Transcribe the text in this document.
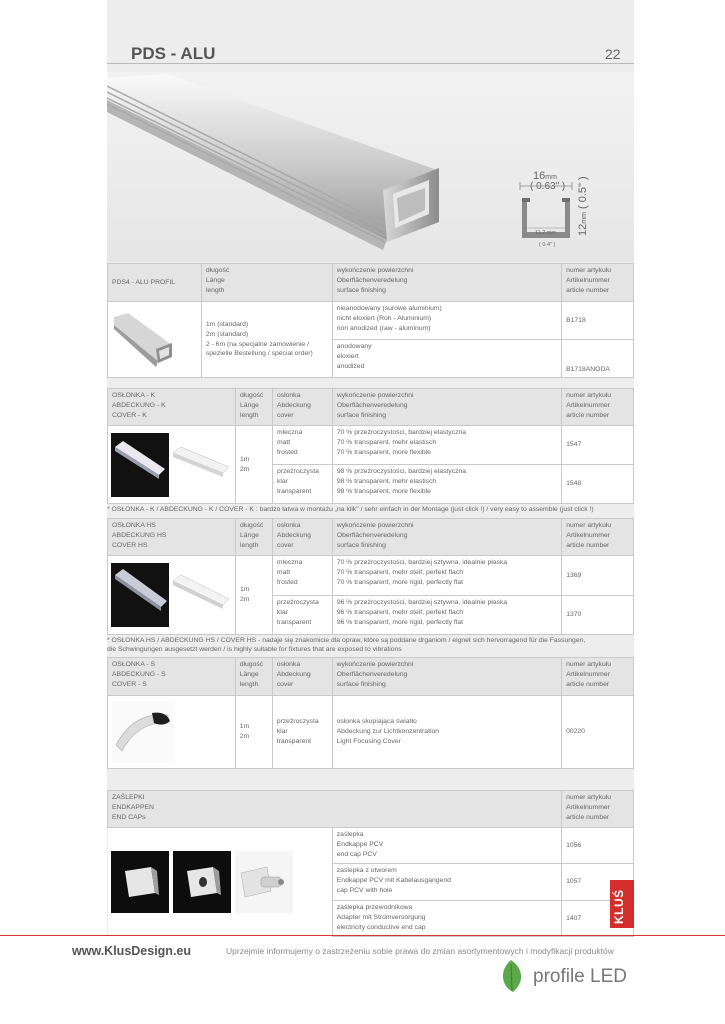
PDS - ALU	22
16mm
( 0.63" )
11,2 mm
( 0.4" )
12mm ( 0.5" )
PDS4 - ALU PROFIL	długość
Länge
length	wykończenie powierzchni
Oberflächenveredelung
surface finishing	numer artykułu
Artikelnummer
article number

1m (standard)
2m (standard)
2 - 6m (na specjalne zamówienie /
spezielle Bestellung / special order)	nieanodowany (surowe aluminium)
nicht eloxiert (Roh - Aluminium)
non anodized (raw - aluminum)	B1718

		anodowany
eloxiert
anodized	B1718ANODA
OSŁONKA - K
ABDECKUNG - K
COVER - K	długość
Länge
length	osłonka
Abdeckung
cover	wykończenie powierzchni
Oberflächenveredelung
surface finishing	numer artykułu
Artikelnummer
article number

1m
2m	mleczna
matt
frosted	70 % przeźroczystości, bardziej elastyczna
70 % transparent, mehr elastisch
70 % transparent, more flexible	1547

		przeźroczysta
klar
transparent	98 % przeźroczystości, bardziej elastyczna
98 % transparent, mehr elastisch
98 % transparent, more flexible	1548
* OSŁONKA - K / ABDECKUNG - K / COVER - K : bardzo łatwa w montażu „na klik" / sehr einfach in der Montage (just click !) / very easy to assemble (just click !)
OSŁONKA HS
ABDECKUNG HS
COVER HS	długość
Länge
length	osłonka
Abdeckung
cover	wykończenie powierzchni
Oberflächenveredelung
surface finishing	numer artykułu
Artikelnummer
article number

1m
2m	mleczna
matt
frosted	70 % przeźroczystości, bardziej sztywna, idealnie płaska
70 % transparent, mehr steif, perfekt flach
70 % transparent, more rigid, perfectly flat	1369

		przeźroczysta
klar
transparent	96 % przeźroczystości, bardziej sztywna, idealnie płaska
96 % transparent, mehr steif, perfekt flach
96 % transparent, more rigid, perfectly flat	1370
* OSŁONKA HS / ABDECKUNG HS / COVER HS - nadaje się znakomicie dla opraw, które są poddane drganiom / eignet sich hervorragend für die Fassungen,
die Schwingungen ausgesetzt werden / is highly suitable for fixtures that are exposed to vibrations
OSŁONKA - S
ABDECKUNG - S
COVER - S	długość
Länge
length	osłonka
Abdeckung
cover	wykończenie powierzchni
Oberflächenveredelung
surface finishing	numer artykułu
Artikelnummer
article number

1m
2m	przeźroczysta
klar
transparent	osłonka skupiająca światło
Abdeckung zur Lichtkonzentration
Light Focusing Cover	00220
ZAŚLEPKI
ENDKAPPEN
END CAPs		numer artykułu
Artikelnummer
article number

zaślepka
Endkappe PCV
end cap PCV	1056

	zaślepka z otworem
Endkappe PCV mit Kabelausgangend
cap PCV with hole	1057

	zaślepka przewodnikowa
Adapter mit Stromversorgung
electricity conductive end cap	1407	KLUŚ
www.KlusDesign.eu	Uprzejmie informujemy o zastrzeżeniu sobie prawa do zmian asortymentowych i modyfikacji produktów
profile LED
